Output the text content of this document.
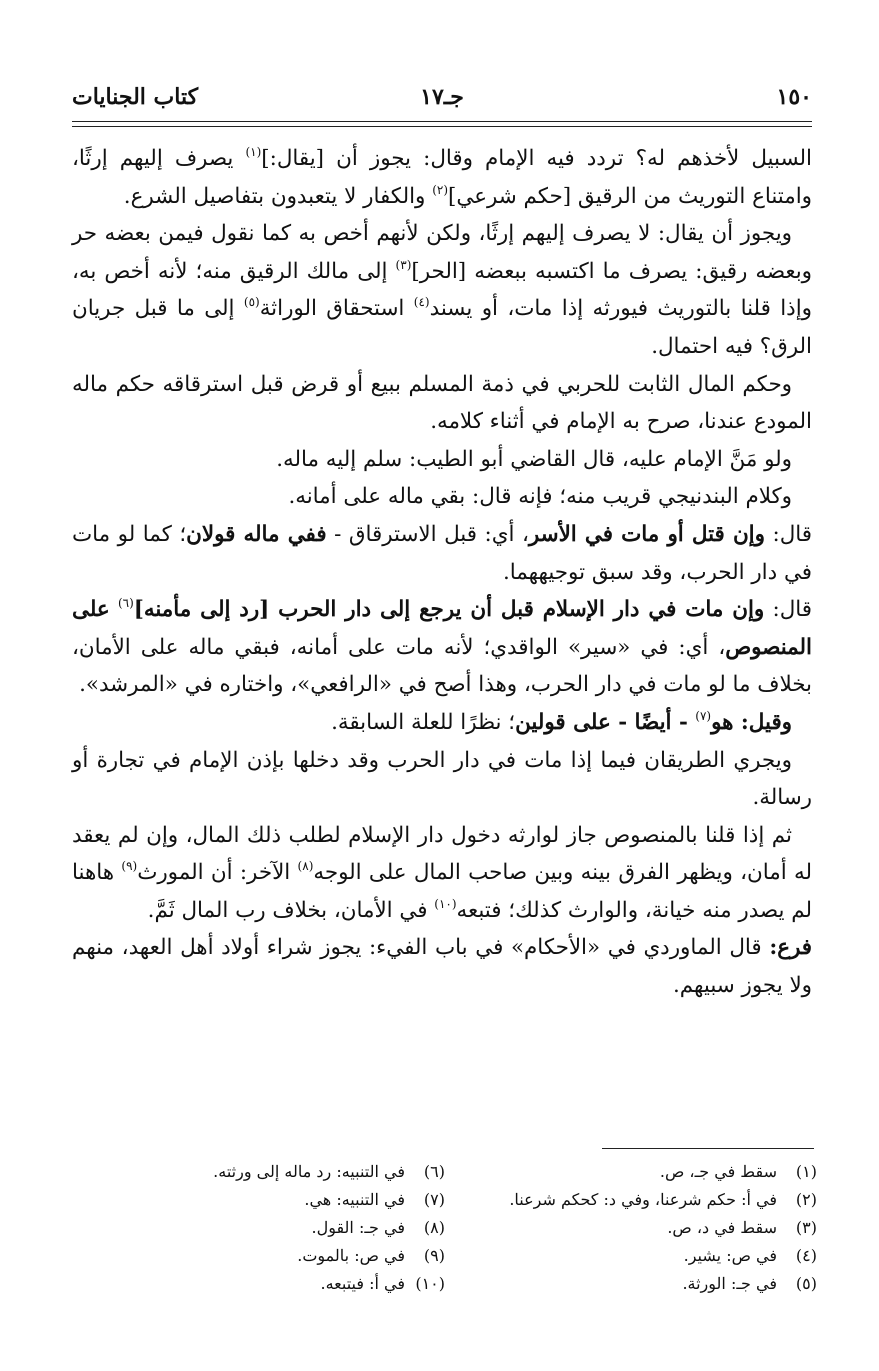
١٥٠
جـ١٧
كتاب الجنايات

السبيل لأخذهم له؟ تردد فيه الإمام وقال: يجوز أن [يقال:]$^{(١)}$ يصرف إليهم إرثًا، وامتناع التوريث من الرقيق [حكم شرعي]$^{(٢)}$ والكفار لا يتعبدون بتفاصيل الشرع.

ويجوز أن يقال: لا يصرف إليهم إرثًا، ولكن لأنهم أخص به كما نقول فيمن بعضه حر وبعضه رقيق: يصرف ما اكتسبه ببعضه [الحر]$^{(٣)}$ إلى مالك الرقيق منه؛ لأنه أخص به، وإذا قلنا بالتوريث فيورثه إذا مات، أو يسند$^{(٤)}$ استحقاق الوراثة$^{(٥)}$ إلى ما قبل جريان الرق؟ فيه احتمال.

وحكم المال الثابت للحربي في ذمة المسلم ببيع أو قرض قبل استرقاقه حكم ماله المودع عندنا، صرح به الإمام في أثناء كلامه.

ولو مَنَّ الإمام عليه، قال القاضي أبو الطيب: سلم إليه ماله.

وكلام البندنيجي قريب منه؛ فإنه قال: بقي ماله على أمانه.

قال: وإن قتل أو مات في الأسر، أي: قبل الاسترقاق - ففي ماله قولان؛ كما لو مات في دار الحرب، وقد سبق توجيههما.

قال: وإن مات في دار الإسلام قبل أن يرجع إلى دار الحرب [رد إلى مأمنه]$^{(٦)}$ على المنصوص، أي: في «سير» الواقدي؛ لأنه مات على أمانه، فبقي ماله على الأمان، بخلاف ما لو مات في دار الحرب، وهذا أصح في «الرافعي»، واختاره في «المرشد».

وقيل: هو$^{(٧)}$ - أيضًا - على قولين؛ نظرًا للعلة السابقة.

ويجري الطريقان فيما إذا مات في دار الحرب وقد دخلها بإذن الإمام في تجارة أو رسالة.

ثم إذا قلنا بالمنصوص جاز لوارثه دخول دار الإسلام لطلب ذلك المال، وإن لم يعقد له أمان، ويظهر الفرق بينه وبين صاحب المال على الوجه$^{(٨)}$ الآخر: أن المورث$^{(٩)}$ هاهنا لم يصدر منه خيانة، والوارث كذلك؛ فتبعه$^{(١٠)}$ في الأمان، بخلاف رب المال ثَمَّ.

فرع: قال الماوردي في «الأحكام» في باب الفيء: يجوز شراء أولاد أهل العهد، منهم ولا يجوز سبيهم.

(١)سقط في جـ، ص.
(٢)في أ: حكم شرعنا، وفي د: كحكم شرعنا.
(٣)سقط في د، ص.
(٤)في ص: يشير.
(٥)في جـ: الورثة.
(٦)في التنبيه: رد ماله إلى ورثته.
(٧)في التنبيه: هي.
(٨)في جـ: القول.
(٩)في ص: بالموت.
(١٠)في أ: فيتبعه.
